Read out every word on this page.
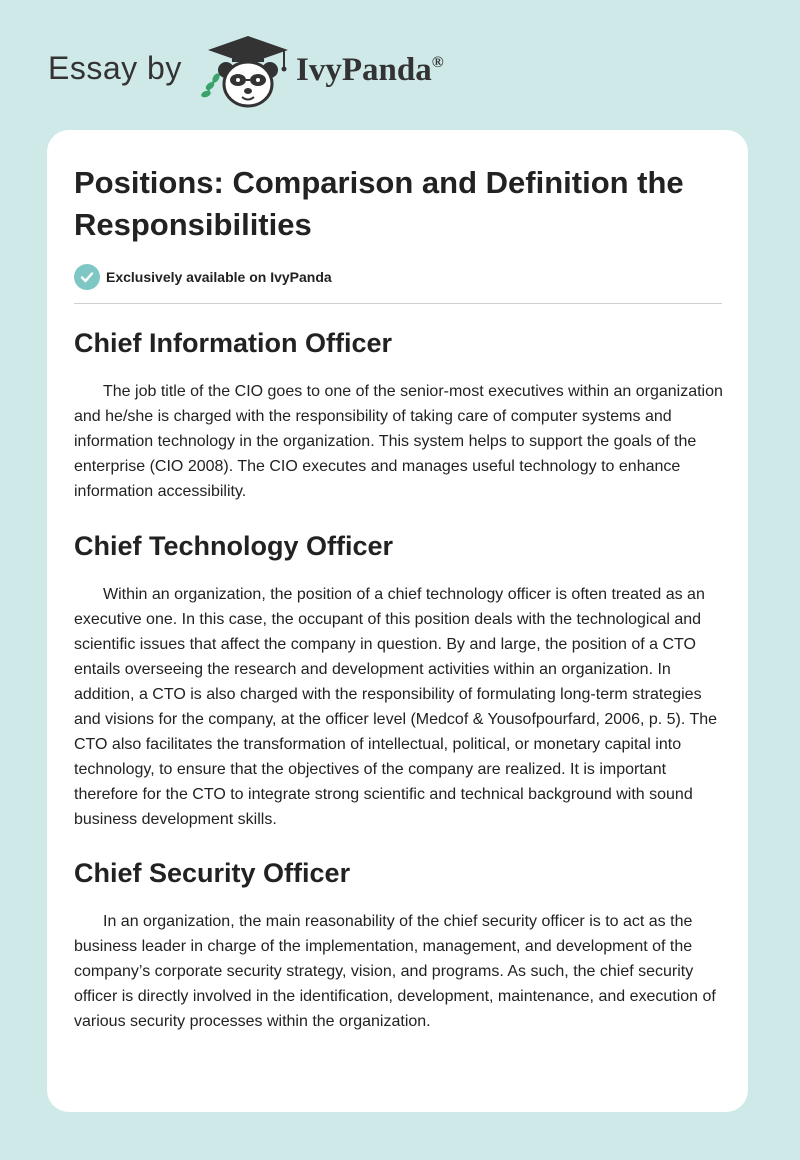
Essay by	IvyPanda®
Positions: Comparison and Definition the Responsibilities
Exclusively available on IvyPanda
Chief Information Officer

The job title of the CIO goes to one of the senior-most executives within an organization and he/she is charged with the responsibility of taking care of computer systems and information technology in the organization. This system helps to support the goals of the enterprise (CIO 2008). The CIO executes and manages useful technology to enhance information accessibility.

Chief Technology Officer

Within an organization, the position of a chief technology officer is often treated as an executive one. In this case, the occupant of this position deals with the technological and scientific issues that affect the company in question. By and large, the position of a CTO entails overseeing the research and development activities within an organization. In addition, a CTO is also charged with the responsibility of formulating long-term strategies and visions for the company, at the officer level (Medcof & Yousofpourfard, 2006, p. 5). The CTO also facilitates the transformation of intellectual, political, or monetary capital into technology, to ensure that the objectives of the company are realized. It is important therefore for the CTO to integrate strong scientific and technical background with sound business development skills.

Chief Security Officer

In an organization, the main reasonability of the chief security officer is to act as the business leader in charge of the implementation, management, and development of the company’s corporate security strategy, vision, and programs. As such, the chief security officer is directly involved in the identification, development, maintenance, and execution of various security processes within the organization.
